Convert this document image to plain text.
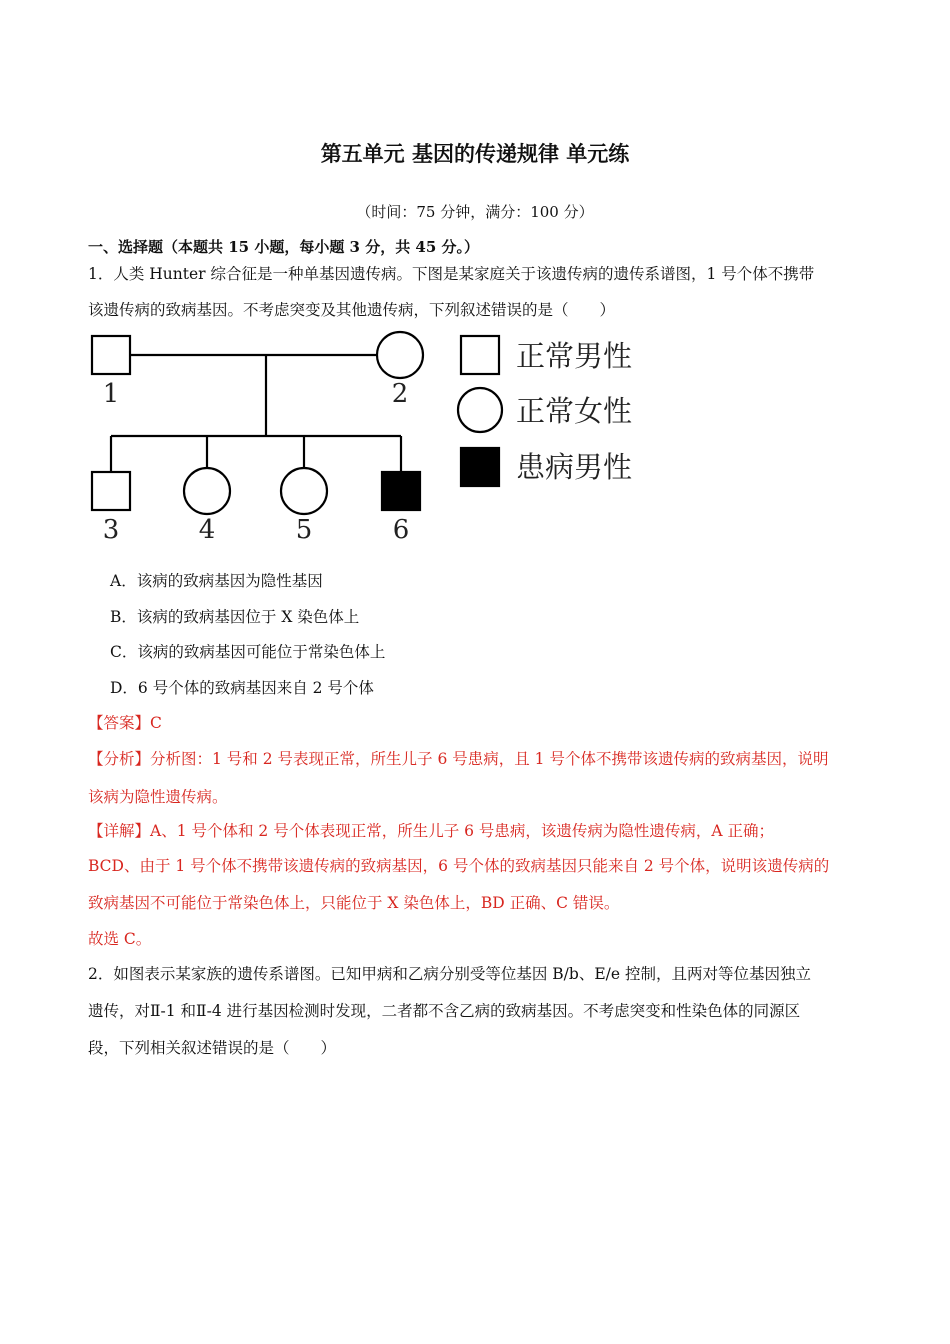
第五单元 基因的传递规律 单元练
（时间：75 分钟，满分：100 分）
一、选择题（本题共 15 小题，每小题 3 分，共 45 分。）
1．人类 Hunter 综合征是一种单基因遗传病。下图是某家庭关于该遗传病的遗传系谱图，1 号个体不携带
该遗传病的致病基因。不考虑突变及其他遗传病，下列叙述错误的是（　　）
1	2
3	4	5	6
正常男性
正常女性
患病男性
A．该病的致病基因为隐性基因
B．该病的致病基因位于 X 染色体上
C．该病的致病基因可能位于常染色体上
D．6 号个体的致病基因来自 2 号个体
【答案】C
【分析】分析图：1 号和 2 号表现正常，所生儿子 6 号患病，且 1 号个体不携带该遗传病的致病基因，说明
该病为隐性遗传病。
【详解】A、1 号个体和 2 号个体表现正常，所生儿子 6 号患病，该遗传病为隐性遗传病，A 正确；
BCD、由于 1 号个体不携带该遗传病的致病基因，6 号个体的致病基因只能来自 2 号个体，说明该遗传病的
致病基因不可能位于常染色体上，只能位于 X 染色体上，BD 正确、C 错误。
故选 C。
2．如图表示某家族的遗传系谱图。已知甲病和乙病分别受等位基因 B/b、E/e 控制，且两对等位基因独立
遗传，对Ⅱ-1 和Ⅱ-4 进行基因检测时发现，二者都不含乙病的致病基因。不考虑突变和性染色体的同源区
段，下列相关叙述错误的是（　　）
